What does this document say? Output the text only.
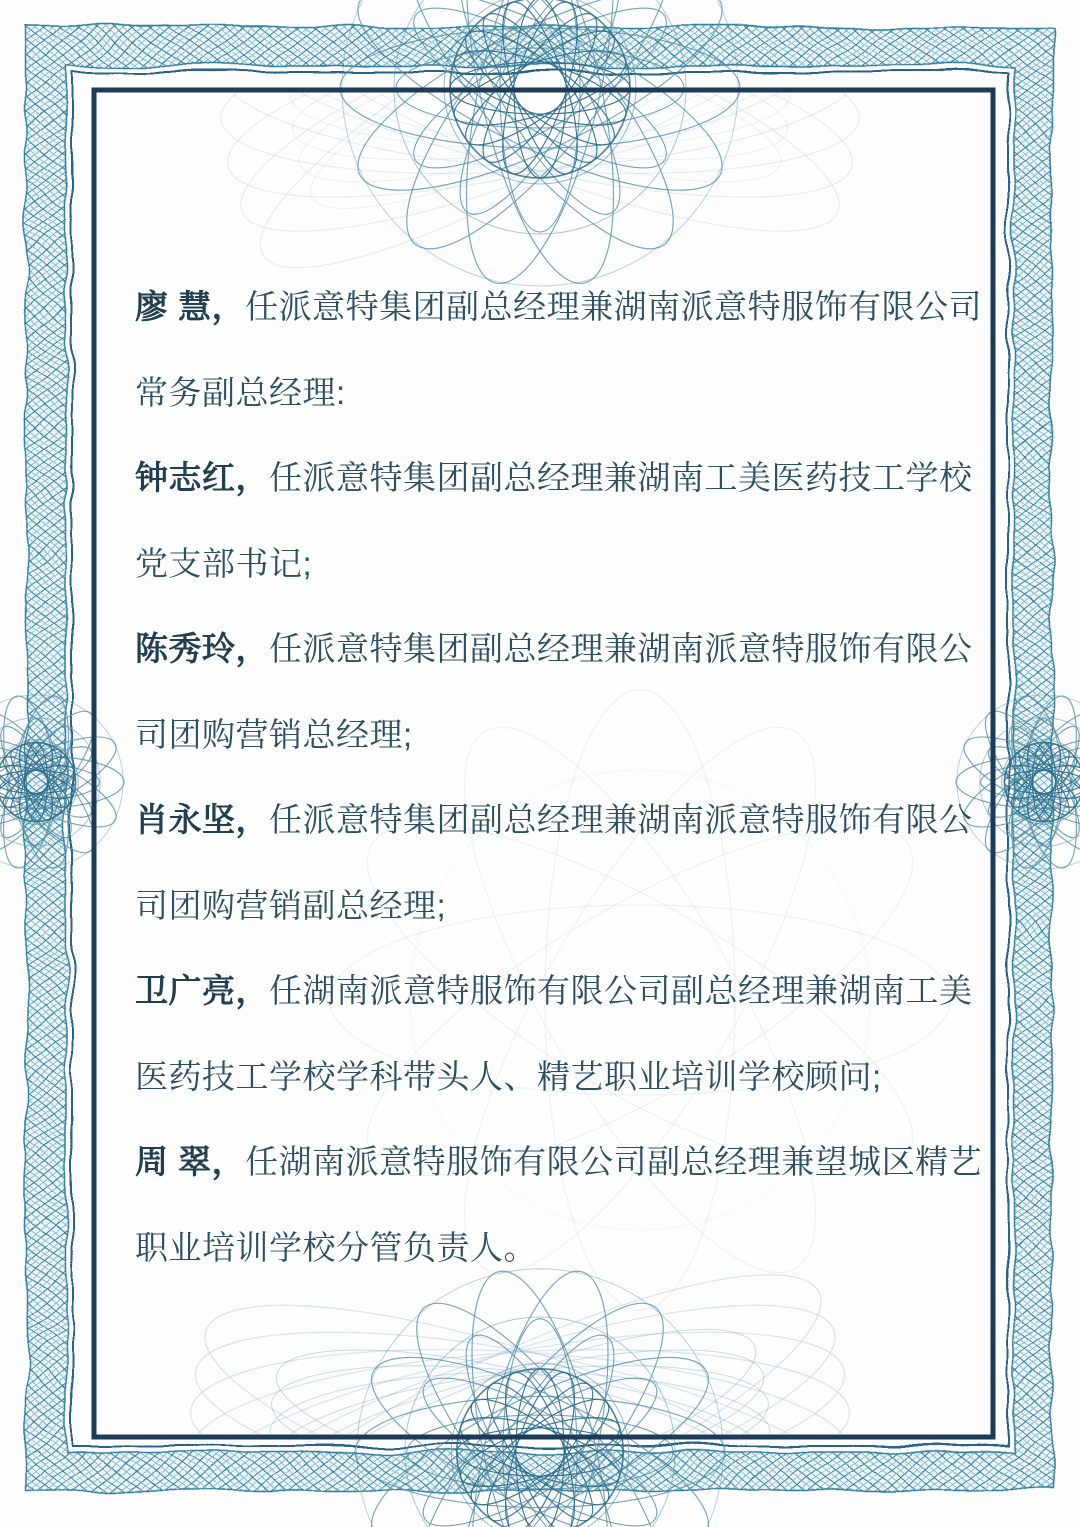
廖 慧，任派意特集团副总经理兼湖南派意特服饰有限公司

常务副总经理:

钟志红，任派意特集团副总经理兼湖南工美医药技工学校

党支部书记;

陈秀玲，任派意特集团副总经理兼湖南派意特服饰有限公

司团购营销总经理;

肖永坚，任派意特集团副总经理兼湖南派意特服饰有限公

司团购营销副总经理;

卫广亮，任湖南派意特服饰有限公司副总经理兼湖南工美

医药技工学校学科带头人、精艺职业培训学校顾问;

周 翠，任湖南派意特服饰有限公司副总经理兼望城区精艺

职业培训学校分管负责人。
